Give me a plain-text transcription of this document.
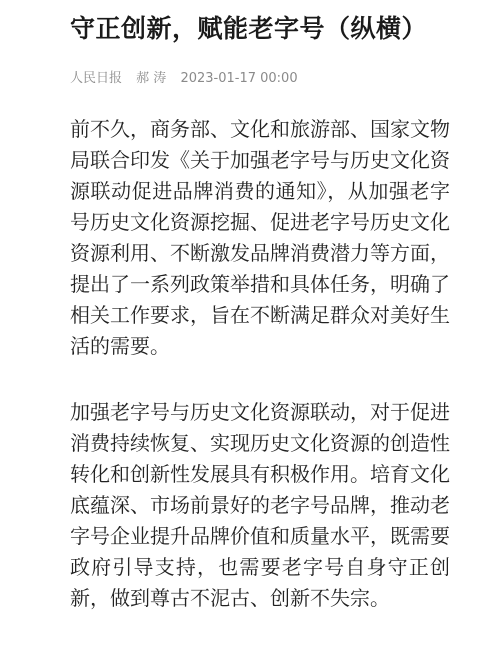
守正创新，赋能老字号（纵横）
人民日报 郝 涛 2023-01-17 00:00

前不久，商务部、文化和旅游部、国家文物局联合印发《关于加强老字号与历史文化资源联动促进品牌消费的通知》，从加强老字号历史文化资源挖掘、促进老字号历史文化资源利用、不断激发品牌消费潜力等方面，提出了一系列政策举措和具体任务，明确了相关工作要求，旨在不断满足群众对美好生活的需要。

加强老字号与历史文化资源联动，对于促进消费持续恢复、实现历史文化资源的创造性转化和创新性发展具有积极作用。培育文化底蕴深、市场前景好的老字号品牌，推动老字号企业提升品牌价值和质量水平，既需要政府引导支持，也需要老字号自身守正创新，做到尊古不泥古、创新不失宗。
